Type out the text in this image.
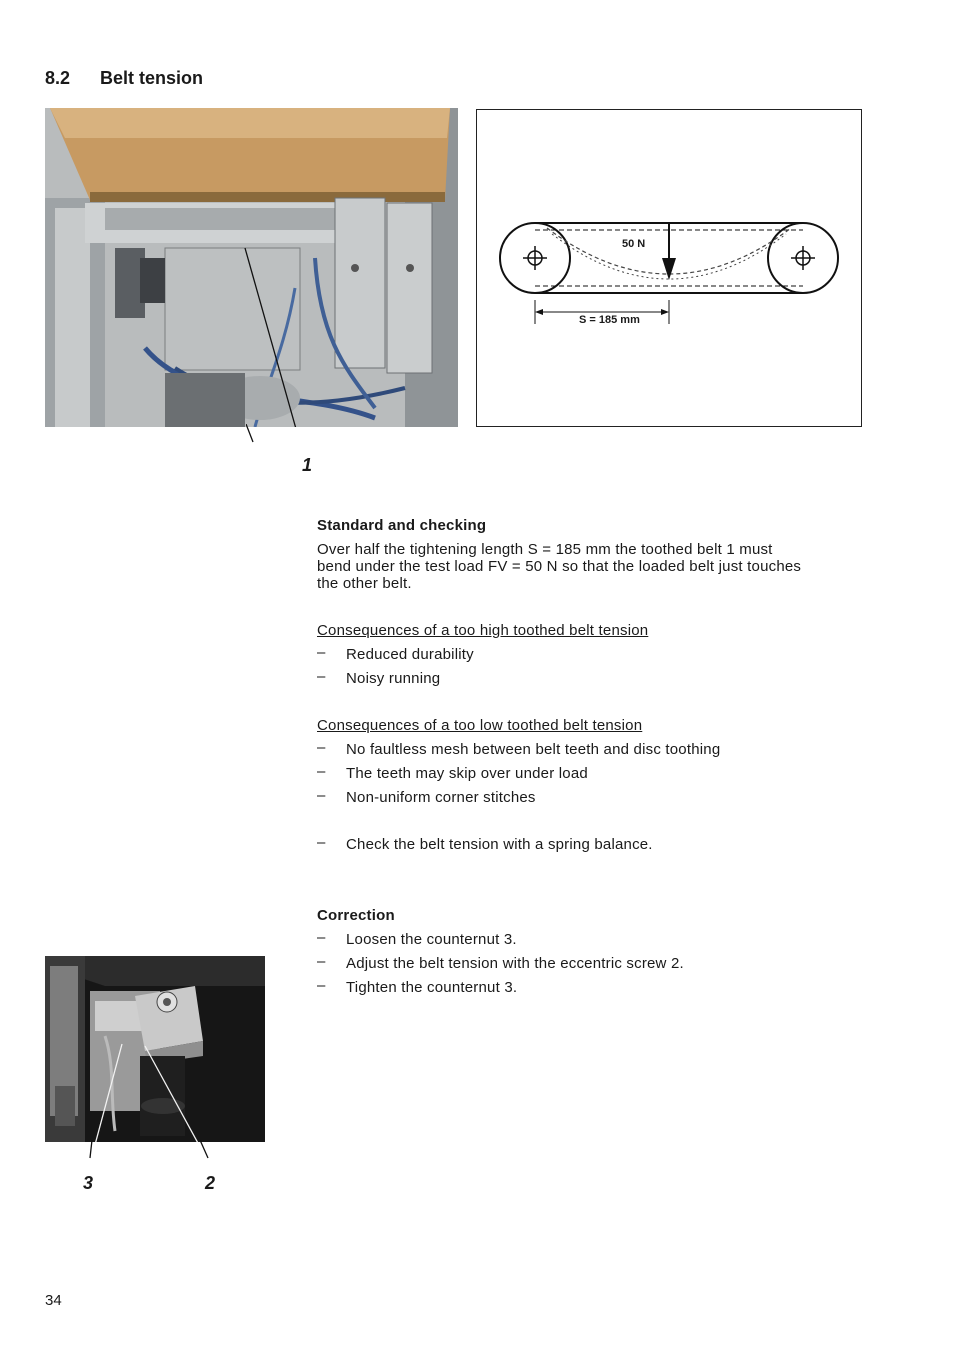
8.2 Belt tension
1
50 N
S = 185 mm
Standard and checking
Over half the tightening length S = 185 mm the toothed belt 1 must
bend under the test load FV = 50 N so that the loaded belt just touches
the other belt.
Consequences of a too high toothed belt tension
– Reduced durability
– Noisy running
Consequences of a too low toothed belt tension
– No faultless mesh between belt teeth and disc toothing
– The teeth may skip over under load
– Non-uniform corner stitches
– Check the belt tension with a spring balance.
Correction
– Loosen the counternut 3.
– Adjust the belt tension with the eccentric screw 2.
– Tighten the counternut 3.
3	2
34
